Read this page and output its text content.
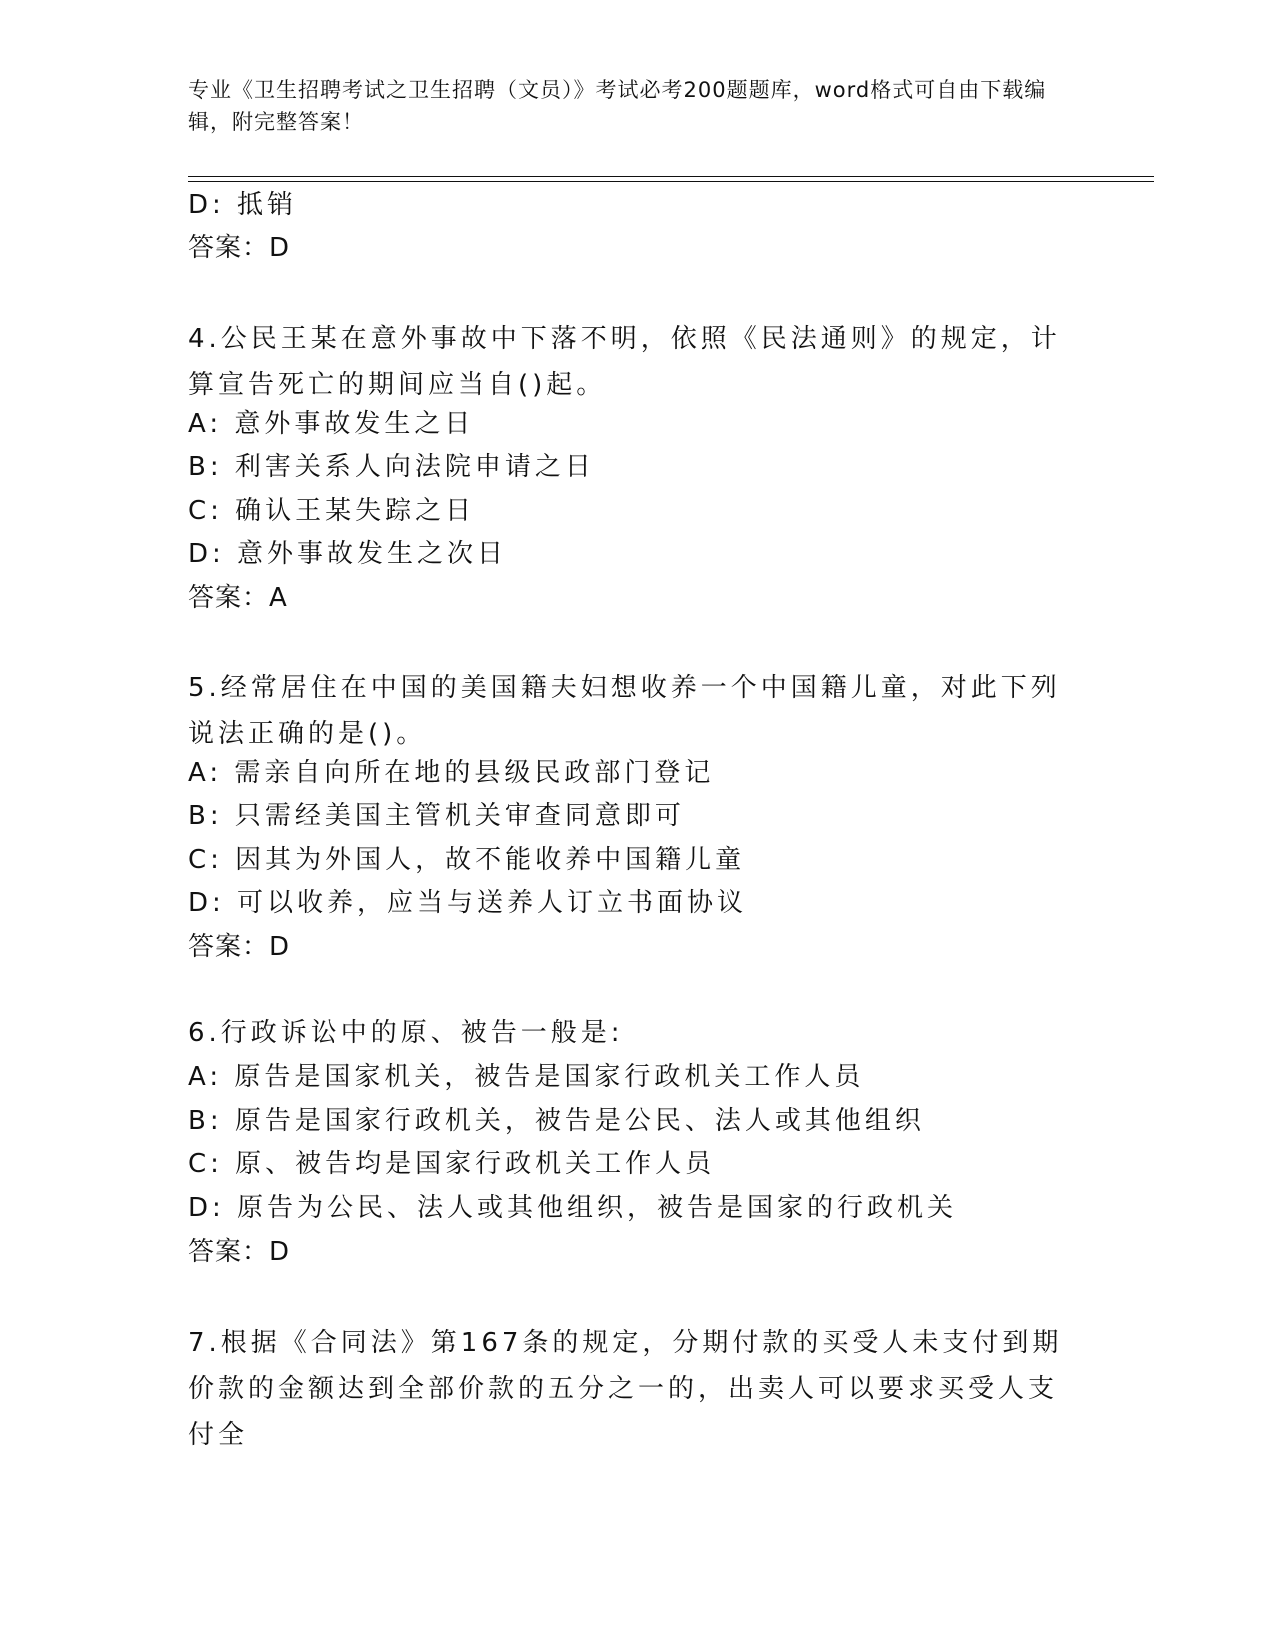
专业《卫生招聘考试之卫生招聘（文员）》考试必考200题题库，word格式可自由下载编辑，附完整答案！

D: 抵销

答案：D

4.公民王某在意外事故中下落不明，依照《民法通则》的规定，计算宣告死亡的期间应当自()起。

A: 意外事故发生之日

B: 利害关系人向法院申请之日

C: 确认王某失踪之日

D: 意外事故发生之次日

答案：A

5.经常居住在中国的美国籍夫妇想收养一个中国籍儿童，对此下列说法正确的是()。

A: 需亲自向所在地的县级民政部门登记

B: 只需经美国主管机关审查同意即可

C: 因其为外国人，故不能收养中国籍儿童

D: 可以收养，应当与送养人订立书面协议

答案：D

6.行政诉讼中的原、被告一般是:

A: 原告是国家机关，被告是国家行政机关工作人员

B: 原告是国家行政机关，被告是公民、法人或其他组织

C: 原、被告均是国家行政机关工作人员

D: 原告为公民、法人或其他组织，被告是国家的行政机关

答案：D

7.根据《合同法》第167条的规定，分期付款的买受人未支付到期价款的金额达到全部价款的五分之一的，出卖人可以要求买受人支付全
